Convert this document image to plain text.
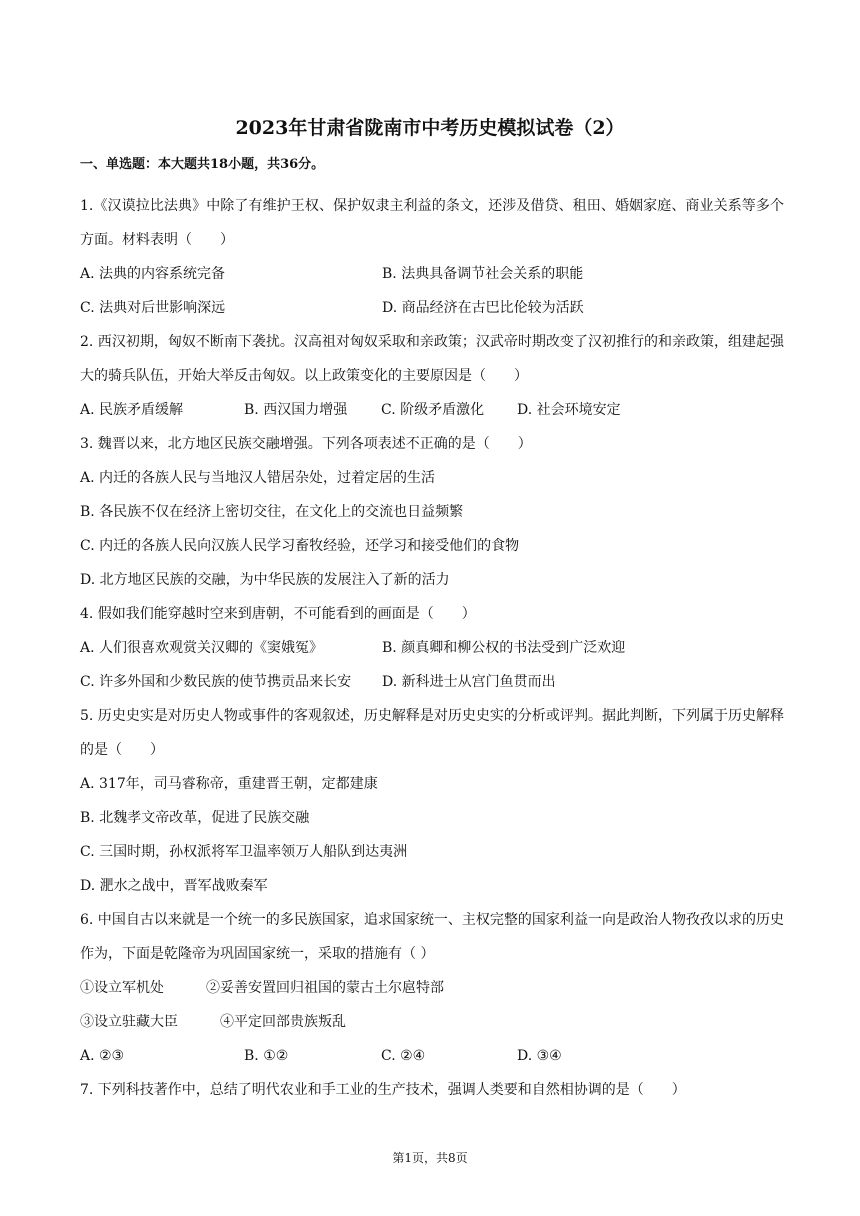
2023年甘肃省陇南市中考历史模拟试卷（2）
一、单选题：本大题共18小题，共36分。
1.《汉谟拉比法典》中除了有维护王权、保护奴隶主利益的条文，还涉及借贷、租田、婚姻家庭、商业关系等多个方面。材料表明（　　）
A. 法典的内容系统完备	B. 法典具备调节社会关系的职能
C. 法典对后世影响深远	D. 商品经济在古巴比伦较为活跃
2. 西汉初期，匈奴不断南下袭扰。汉高祖对匈奴采取和亲政策；汉武帝时期改变了汉初推行的和亲政策，组建起强大的骑兵队伍，开始大举反击匈奴。以上政策变化的主要原因是（　　）
A. 民族矛盾缓解	B. 西汉国力增强	C. 阶级矛盾激化	D. 社会环境安定
3. 魏晋以来，北方地区民族交融增强。下列各项表述不正确的是（　　）
A. 内迁的各族人民与当地汉人错居杂处，过着定居的生活
B. 各民族不仅在经济上密切交往，在文化上的交流也日益频繁
C. 内迁的各族人民向汉族人民学习畜牧经验，还学习和接受他们的食物
D. 北方地区民族的交融，为中华民族的发展注入了新的活力
4. 假如我们能穿越时空来到唐朝，不可能看到的画面是（　　）
A. 人们很喜欢观赏关汉卿的《窦娥冤》	B. 颜真卿和柳公权的书法受到广泛欢迎
C. 许多外国和少数民族的使节携贡品来长安	D. 新科进士从宫门鱼贯而出
5. 历史史实是对历史人物或事件的客观叙述，历史解释是对历史史实的分析或评判。据此判断，下列属于历史解释的是（　　）
A. 317年，司马睿称帝，重建晋王朝，定都建康
B. 北魏孝文帝改革，促进了民族交融
C. 三国时期，孙权派将军卫温率领万人船队到达夷洲
D. 淝水之战中，晋军战败秦军
6. 中国自古以来就是一个统一的多民族国家，追求国家统一、主权完整的国家利益一向是政治人物孜孜以求的历史作为，下面是乾隆帝为巩固国家统一，采取的措施有（ ）
①设立军机处　　　②妥善安置回归祖国的蒙古土尔扈特部
③设立驻藏大臣　　　④平定回部贵族叛乱
A. ②③	B. ①②	C. ②④	D. ③④
7. 下列科技著作中，总结了明代农业和手工业的生产技术，强调人类要和自然相协调的是（　　）
第1页，共8页
